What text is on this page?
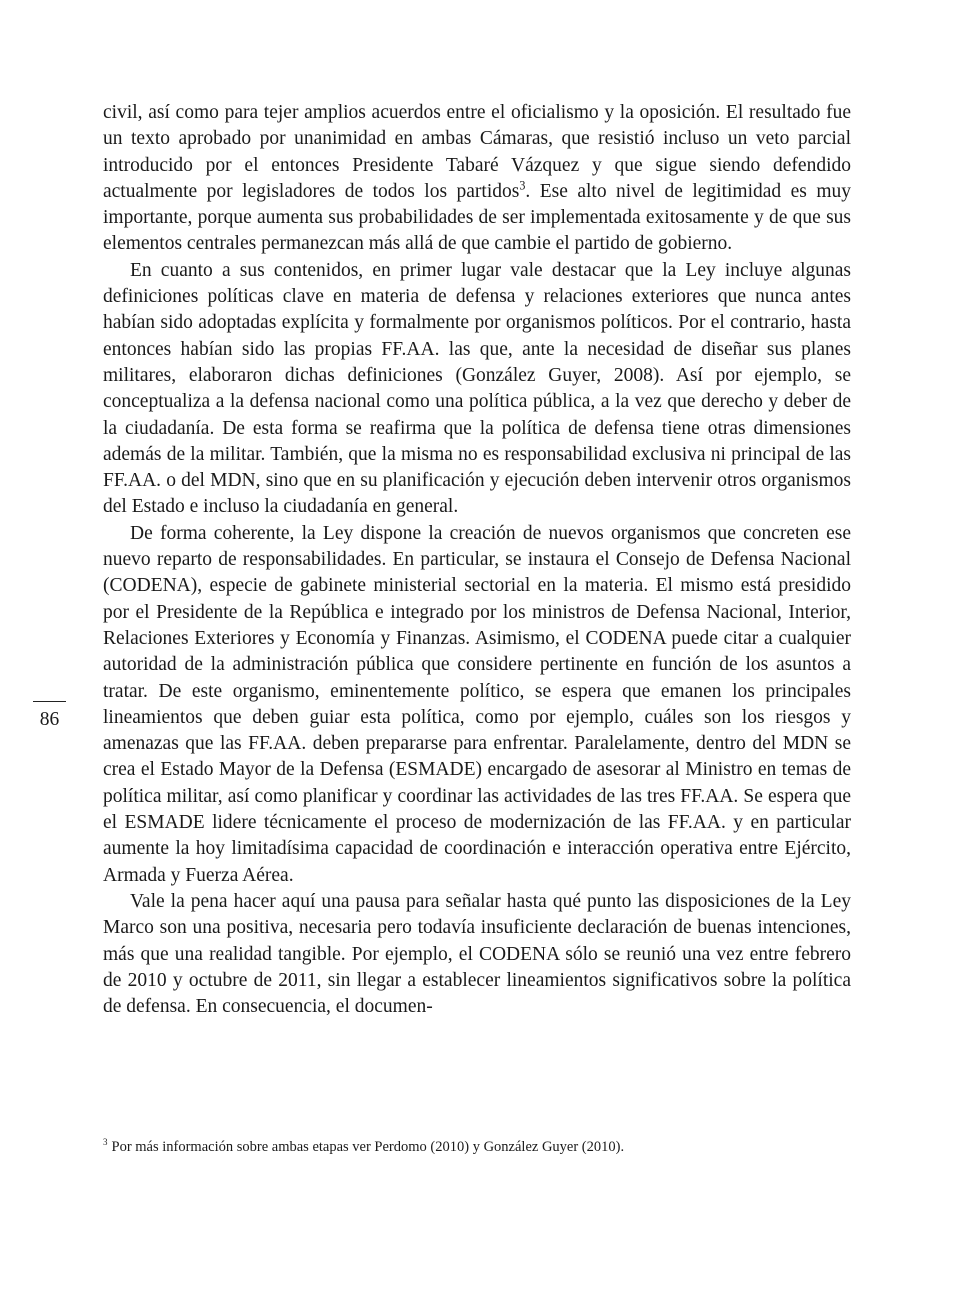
civil, así como para tejer amplios acuerdos entre el oficialismo y la oposición. El resultado fue un texto aprobado por unanimidad en ambas Cámaras, que resistió incluso un veto parcial introducido por el entonces Presidente Tabaré Vázquez y que sigue siendo defendido actualmente por legisladores de todos los partidos$^3$. Ese alto nivel de legitimidad es muy importante, porque aumenta sus probabilidades de ser implementada exitosamente y de que sus elementos centrales permanezcan más allá de que cambie el partido de gobierno.

En cuanto a sus contenidos, en primer lugar vale destacar que la Ley incluye algunas definiciones políticas clave en materia de defensa y relaciones exteriores que nunca antes habían sido adoptadas explícita y formalmente por organismos políticos. Por el contrario, hasta entonces habían sido las propias FF.AA. las que, ante la necesidad de diseñar sus planes militares, elaboraron dichas definiciones (González Guyer, 2008). Así por ejemplo, se conceptualiza a la defensa nacional como una política pública, a la vez que derecho y deber de la ciudadanía. De esta forma se reafirma que la política de defensa tiene otras dimensiones además de la militar. También, que la misma no es responsabilidad exclusiva ni principal de las FF.AA. o del MDN, sino que en su planificación y ejecución deben intervenir otros organismos del Estado e incluso la ciudadanía en general.

De forma coherente, la Ley dispone la creación de nuevos organismos que concreten ese nuevo reparto de responsabilidades. En particular, se instaura el Consejo de Defensa Nacional (CODENA), especie de gabinete ministerial sectorial en la materia. El mismo está presidido por el Presidente de la República e integrado por los ministros de Defensa Nacional, Interior, Relaciones Exteriores y Economía y Finanzas. Asimismo, el CODENA puede citar a cualquier autoridad de la administración pública que considere pertinente en función de los asuntos a tratar. De este organismo, eminentemente político, se espera que emanen los principales lineamientos que deben guiar esta política, como por ejemplo, cuáles son los riesgos y amenazas que las FF.AA. deben prepararse para enfrentar. Paralelamente, dentro del MDN se crea el Estado Mayor de la Defensa (ESMADE) encargado de asesorar al Ministro en temas de política militar, así como planificar y coordinar las actividades de las tres FF.AA. Se espera que el ESMADE lidere técnicamente el proceso de modernización de las FF.AA. y en particular aumente la hoy limitadísima capacidad de coordinación e interacción operativa entre Ejército, Armada y Fuerza Aérea.

Vale la pena hacer aquí una pausa para señalar hasta qué punto las disposiciones de la Ley Marco son una positiva, necesaria pero todavía insuficiente declaración de buenas intenciones, más que una realidad tangible. Por ejemplo, el CODENA sólo se reunió una vez entre febrero de 2010 y octubre de 2011, sin llegar a establecer lineamientos significativos sobre la política de defensa. En consecuencia, el documen-

86
$^3$ Por más información sobre ambas etapas ver Perdomo (2010) y González Guyer (2010).
